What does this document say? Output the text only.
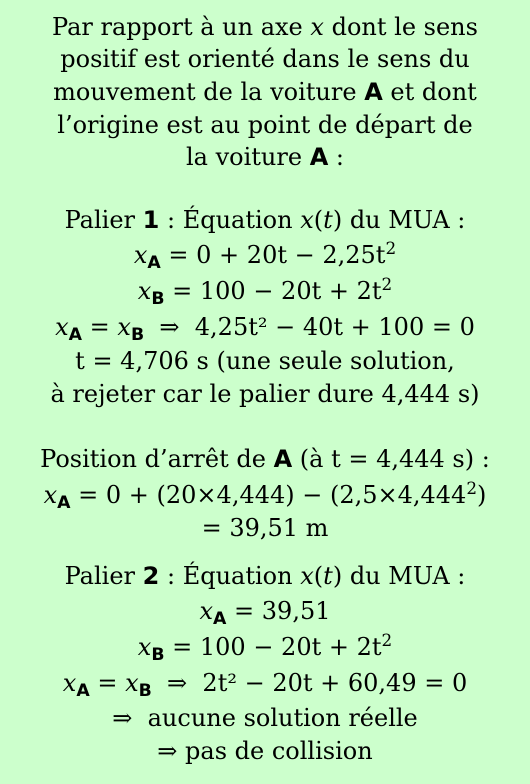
Par rapport à un axe x dont le sens
positif est orienté dans le sens du
mouvement de la voiture A et dont
l’origine est au point de départ de
la voiture A :
Palier 1 : Équation x(t) du MUA :
$x_A = 0 + 20t - 2,25t^2$
$x_B = 100 - 20t + 2t^2$
$x_A = x_B$ ⇒ 4,25t² − 40t + 100 = 0
t = 4,706 s (une seule solution,
à rejeter car le palier dure 4,444 s)
Position d’arrêt de A (à t = 4,444 s) :
$x_A = 0 + (20\times 4,444) - (2,5\times 4,444^2)$
= 39,51 m
Palier 2 : Équation x(t) du MUA :
$x_A = 39,51$
$x_B = 100 - 20t + 2t^2$
$x_A = x_B$ ⇒ 2t² − 20t + 60,49 = 0
⇒ aucune solution réelle
⇒ pas de collision
